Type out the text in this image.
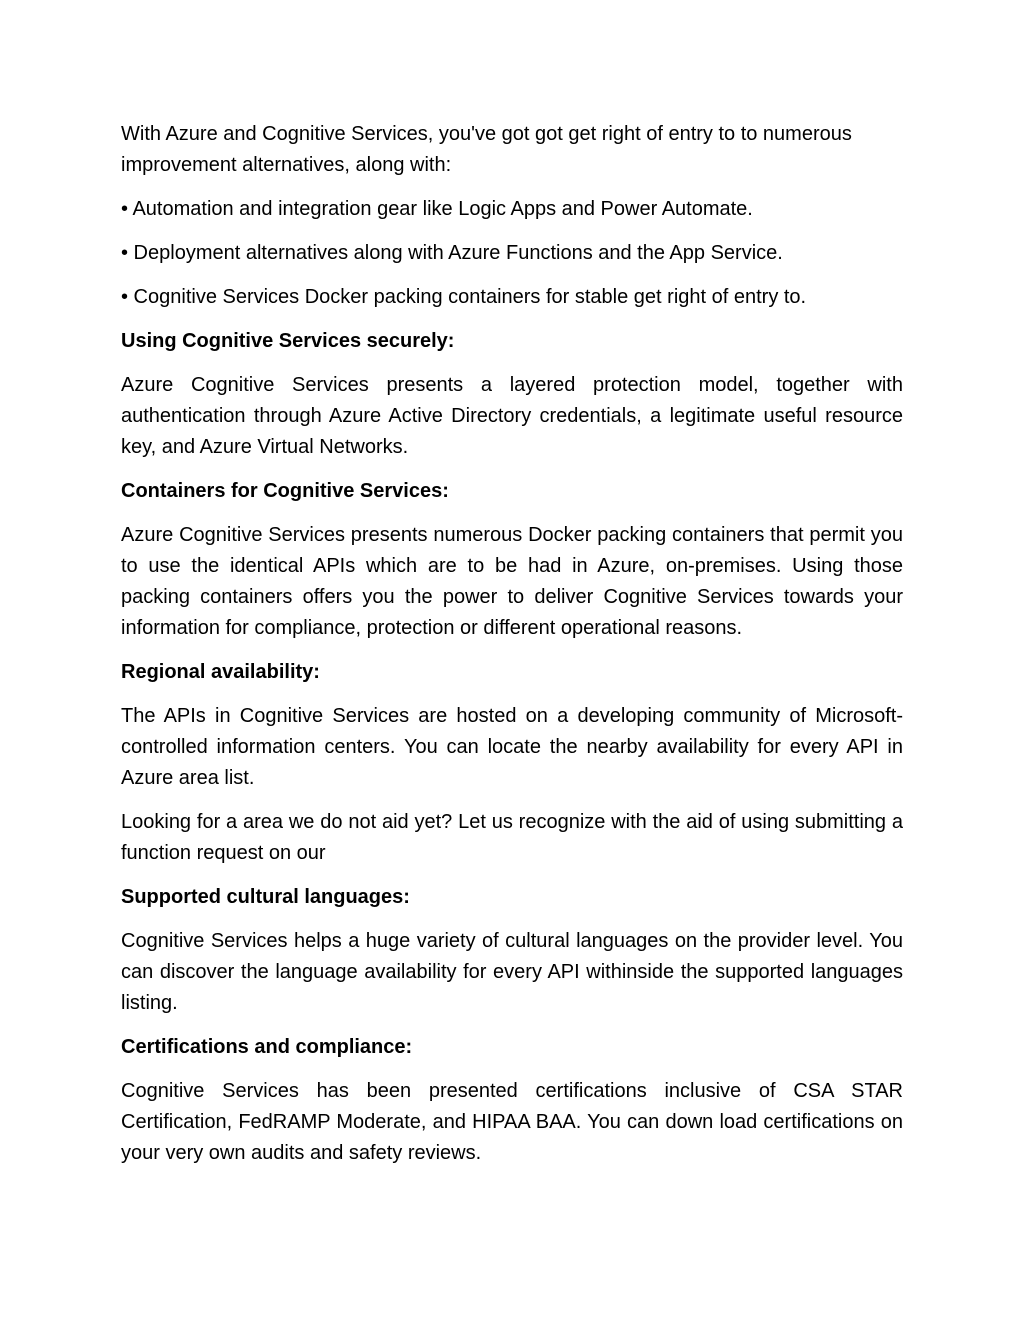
With Azure and Cognitive Services, you've got got get right of entry to to numerous improvement alternatives, along with:

• Automation and integration gear like Logic Apps and Power Automate.

• Deployment alternatives along with Azure Functions and the App Service.

• Cognitive Services Docker packing containers for stable get right of entry to.

Using Cognitive Services securely:

Azure Cognitive Services presents a layered protection model, together with authentication through Azure Active Directory credentials, a legitimate useful resource key, and Azure Virtual Networks.

Containers for Cognitive Services:

Azure Cognitive Services presents numerous Docker packing containers that permit you to use the identical APIs which are to be had in Azure, on-premises. Using those packing containers offers you the power to deliver Cognitive Services towards your information for compliance, protection or different operational reasons.

Regional availability:

The APIs in Cognitive Services are hosted on a developing community of Microsoft-controlled information centers. You can locate the nearby availability for every API in Azure area list.

Looking for a area we do not aid yet? Let us recognize with the aid of using submitting a function request on our

Supported cultural languages:

Cognitive Services helps a huge variety of cultural languages on the provider level. You can discover the language availability for every API withinside the supported languages listing.

Certifications and compliance:

Cognitive Services has been presented certifications inclusive of CSA STAR Certification, FedRAMP Moderate, and HIPAA BAA. You can down load certifications on your very own audits and safety reviews.
